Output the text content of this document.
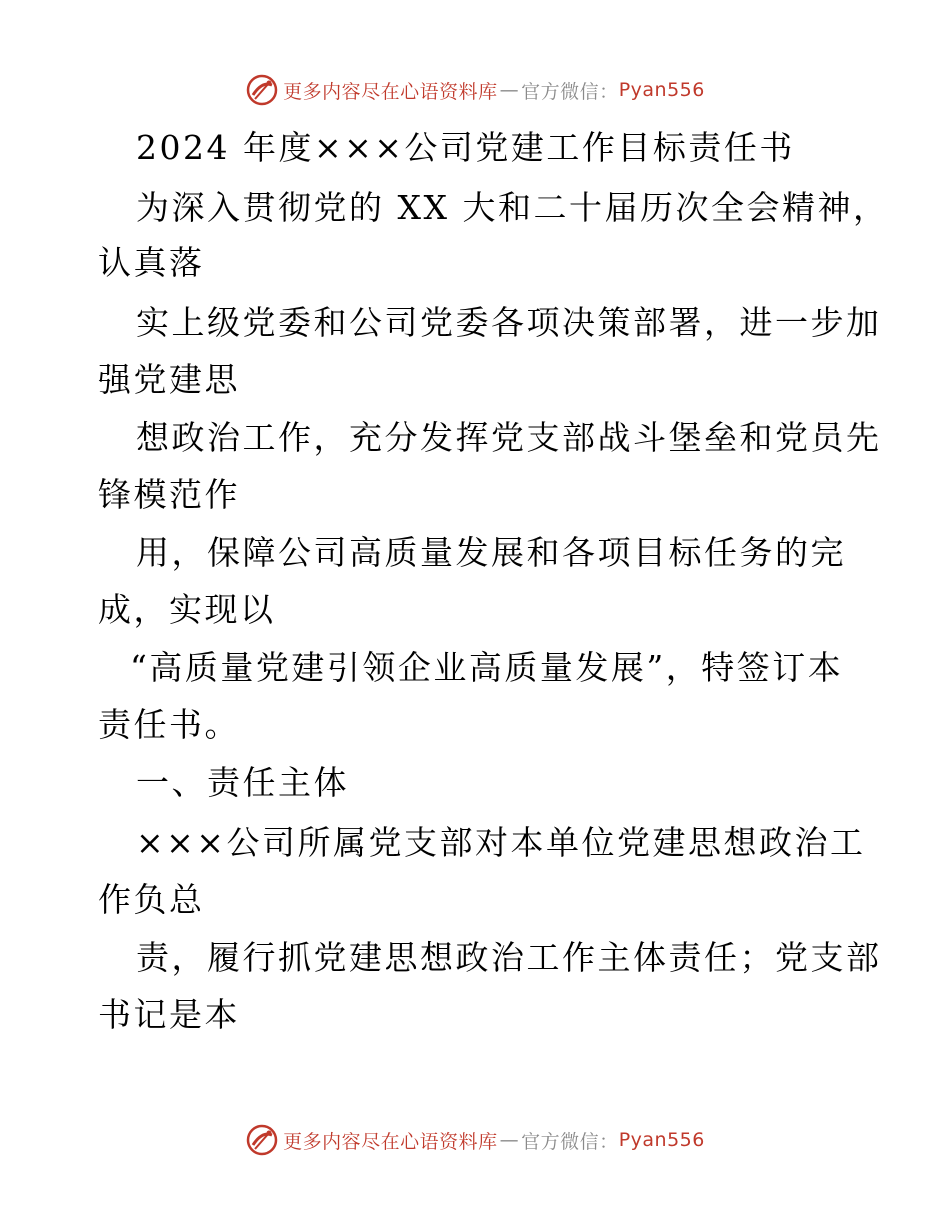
更多内容尽在心语资料库 — 官方微信： Pyan556
2024 年度×××公司党建工作目标责任书
为深入贯彻党的 XX 大和二十届历次全会精神，
认真落
实上级党委和公司党委各项决策部署，进一步加
强党建思
想政治工作，充分发挥党支部战斗堡垒和党员先
锋模范作
用，保障公司高质量发展和各项目标任务的完
成，实现以
“高质量党建引领企业高质量发展”，特签订本
责任书。
一、责任主体
×××公司所属党支部对本单位党建思想政治工
作负总
责，履行抓党建思想政治工作主体责任；党支部
书记是本
更多内容尽在心语资料库 — 官方微信： Pyan556
